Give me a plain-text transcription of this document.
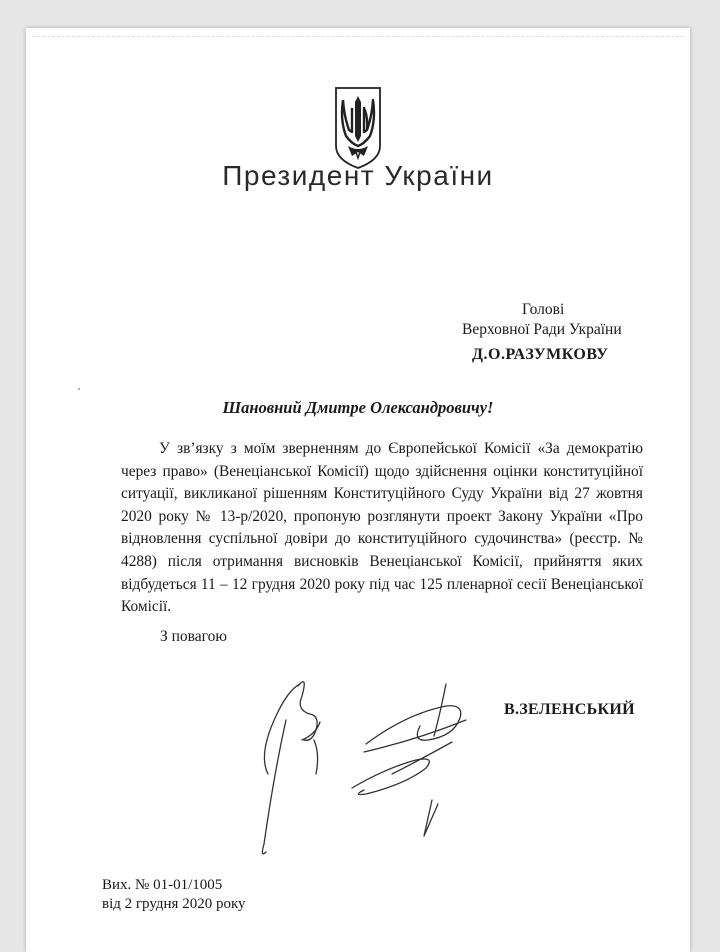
Президент України
Голові
Верховної Ради України
Д.О.РАЗУМКОВУ
Шановний Дмитре Олександровичу!

У зв’язку з моїм зверненням до Європейської Комісії «За демократію через право» (Венеціанської Комісії) щодо здійснення оцінки конституційної ситуації, викликаної рішенням Конституційного Суду України від 27 жовтня 2020 року № 13-р/2020, пропоную розглянути проект Закону України «Про відновлення суспільної довіри до конституційного судочинства» (реєстр. № 4288) після отримання висновків Венеціанської Комісії, прийняття яких відбудеться 11 – 12 грудня 2020 року під час 125 пленарної сесії Венеціанської Комісії.

З повагою
В.ЗЕЛЕНСЬКИЙ
Вих. № 01-01/1005
від 2 грудня 2020 року
